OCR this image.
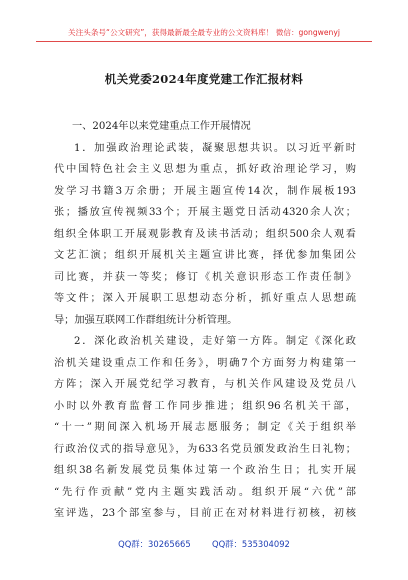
关注头条号“公文研究”，获得最新最全最专业的公文资料库！ 微信：gongwenyj
机关党委2024年度党建工作汇报材料
一、2024年以来党建重点工作开展情况
1．加强政治理论武装，凝聚思想共识。以习近平新时
代中国特色社会主义思想为重点，抓好政治理论学习，购
发学习书籍3万余册；开展主题宣传14次，制作展板193
张；播放宣传视频33个；开展主题党日活动4320余人次；
组织全体职工开展观影教育及读书活动；组织500余人观看
文艺汇演；组织开展机关主题宣讲比赛，择优参加集团公
司比赛，并获一等奖；修订《机关意识形态工作责任制》
等文件；深入开展职工思想动态分析，抓好重点人思想疏
导；加强互联网工作群组统计分析管理。
2．深化政治机关建设，走好第一方阵。制定《深化政
治机关建设重点工作和任务》，明确7个方面努力构建第一
方阵；深入开展党纪学习教育，与机关作风建设及党员八
小时以外教育监督工作同步推进；组织96名机关干部，
“十一”期间深入机场开展志愿服务；制定《关于组织举
行政治仪式的指导意见》，为633名党员颁发政治生日礼物；
组织38名新发展党员集体过第一个政治生日；扎实开展
“先行作贡献”党内主题实践活动。组织开展“六优”部
室评选，23个部室参与，目前正在对材料进行初核，初核
QQ群：30265665        QQ群：535304092
